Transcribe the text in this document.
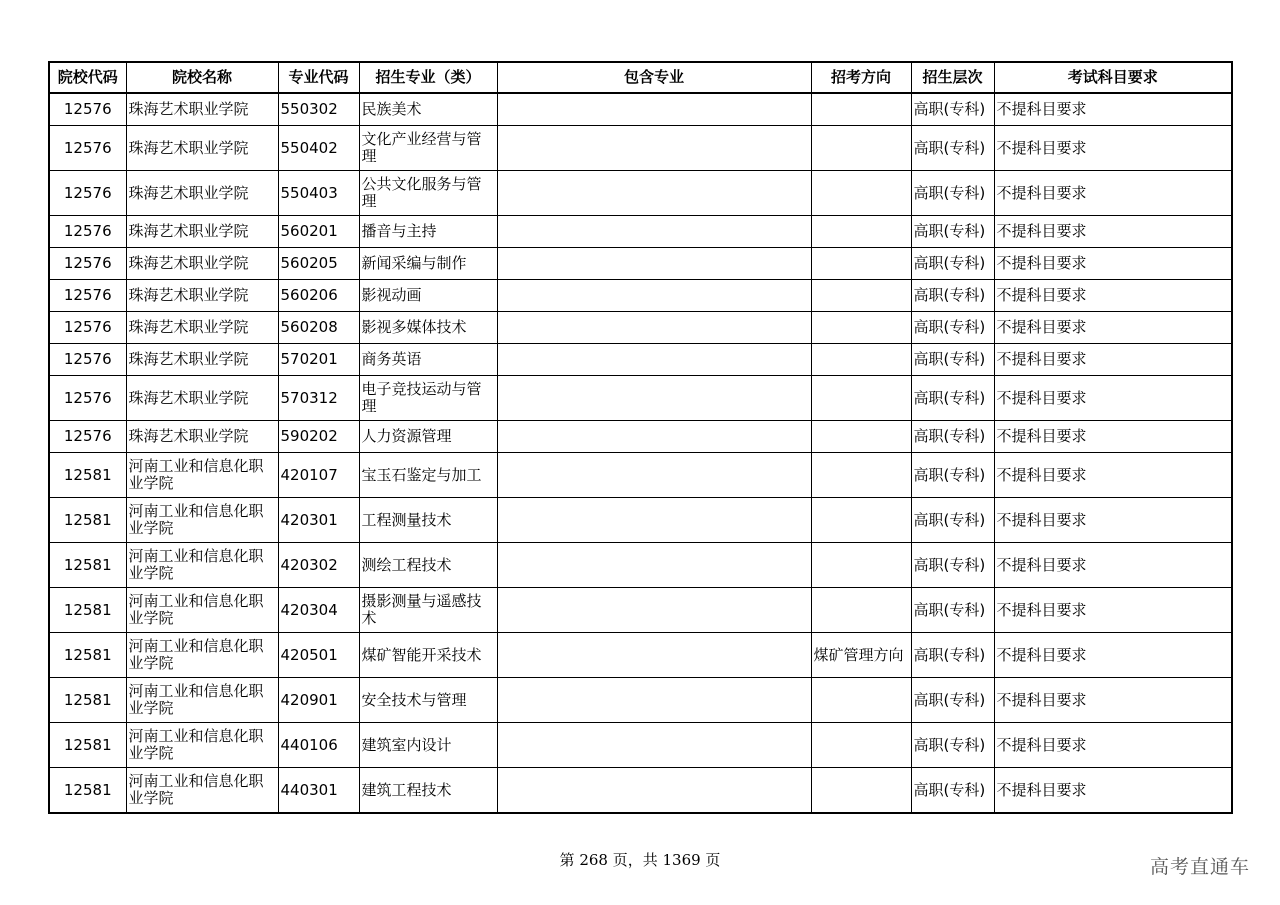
院校代码	院校名称	专业代码	招生专业（类）	包含专业	招考方向	招生层次	考试科目要求
12576	珠海艺术职业学院	550302	民族美术			高职(专科)	不提科目要求
12576	珠海艺术职业学院	550402	文化产业经营与管理			高职(专科)	不提科目要求
12576	珠海艺术职业学院	550403	公共文化服务与管理			高职(专科)	不提科目要求
12576	珠海艺术职业学院	560201	播音与主持			高职(专科)	不提科目要求
12576	珠海艺术职业学院	560205	新闻采编与制作			高职(专科)	不提科目要求
12576	珠海艺术职业学院	560206	影视动画			高职(专科)	不提科目要求
12576	珠海艺术职业学院	560208	影视多媒体技术			高职(专科)	不提科目要求
12576	珠海艺术职业学院	570201	商务英语			高职(专科)	不提科目要求
12576	珠海艺术职业学院	570312	电子竞技运动与管理			高职(专科)	不提科目要求
12576	珠海艺术职业学院	590202	人力资源管理			高职(专科)	不提科目要求
12581	河南工业和信息化职业学院	420107	宝玉石鉴定与加工			高职(专科)	不提科目要求
12581	河南工业和信息化职业学院	420301	工程测量技术			高职(专科)	不提科目要求
12581	河南工业和信息化职业学院	420302	测绘工程技术			高职(专科)	不提科目要求
12581	河南工业和信息化职业学院	420304	摄影测量与遥感技术			高职(专科)	不提科目要求
12581	河南工业和信息化职业学院	420501	煤矿智能开采技术		煤矿管理方向	高职(专科)	不提科目要求
12581	河南工业和信息化职业学院	420901	安全技术与管理			高职(专科)	不提科目要求
12581	河南工业和信息化职业学院	440106	建筑室内设计			高职(专科)	不提科目要求
12581	河南工业和信息化职业学院	440301	建筑工程技术			高职(专科)	不提科目要求
第 268 页，共 1369 页	高考直通车
